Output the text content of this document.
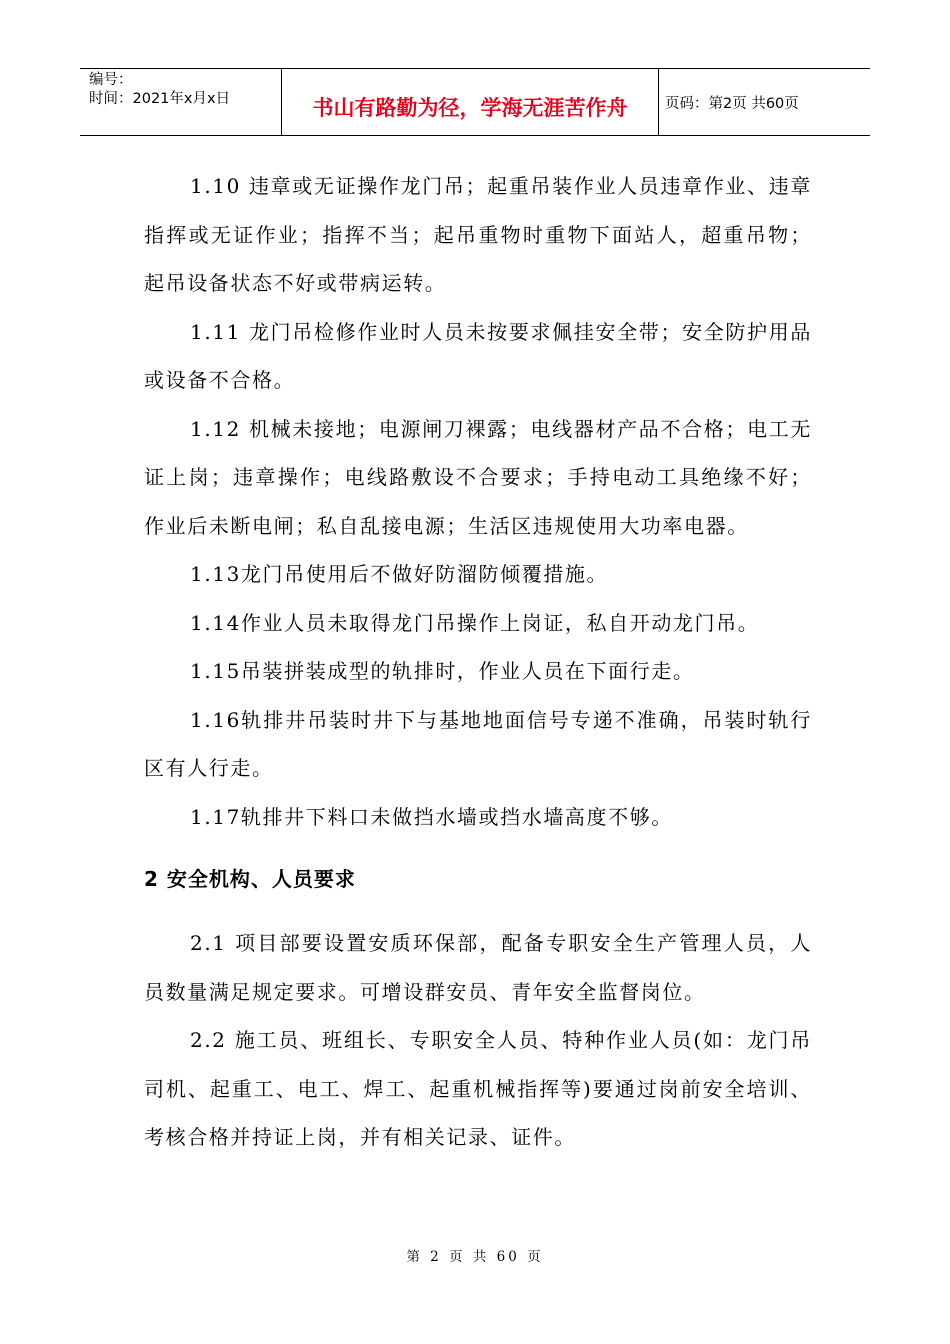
编号：
时间：2021年x月x日	书山有路勤为径，学海无涯苦作舟	页码：第2页 共60页

1.10 违章或无证操作龙门吊；起重吊装作业人员违章作业、违章指挥或无证作业；指挥不当；起吊重物时重物下面站人，超重吊物；起吊设备状态不好或带病运转。

1.11 龙门吊检修作业时人员未按要求佩挂安全带；安全防护用品或设备不合格。

1.12 机械未接地；电源闸刀裸露；电线器材产品不合格；电工无证上岗；违章操作；电线路敷设不合要求；手持电动工具绝缘不好；作业后未断电闸；私自乱接电源；生活区违规使用大功率电器。

1.13龙门吊使用后不做好防溜防倾覆措施。

1.14作业人员未取得龙门吊操作上岗证，私自开动龙门吊。

1.15吊装拼装成型的轨排时，作业人员在下面行走。

1.16轨排井吊装时井下与基地地面信号专递不准确，吊装时轨行区有人行走。

1.17轨排井下料口未做挡水墙或挡水墙高度不够。

2 安全机构、人员要求

2.1 项目部要设置安质环保部，配备专职安全生产管理人员，人员数量满足规定要求。可增设群安员、青年安全监督岗位。

2.2 施工员、班组长、专职安全人员、特种作业人员(如：龙门吊司机、起重工、电工、焊工、起重机械指挥等)要通过岗前安全培训、考核合格并持证上岗，并有相关记录、证件。

第 2 页 共 60 页
